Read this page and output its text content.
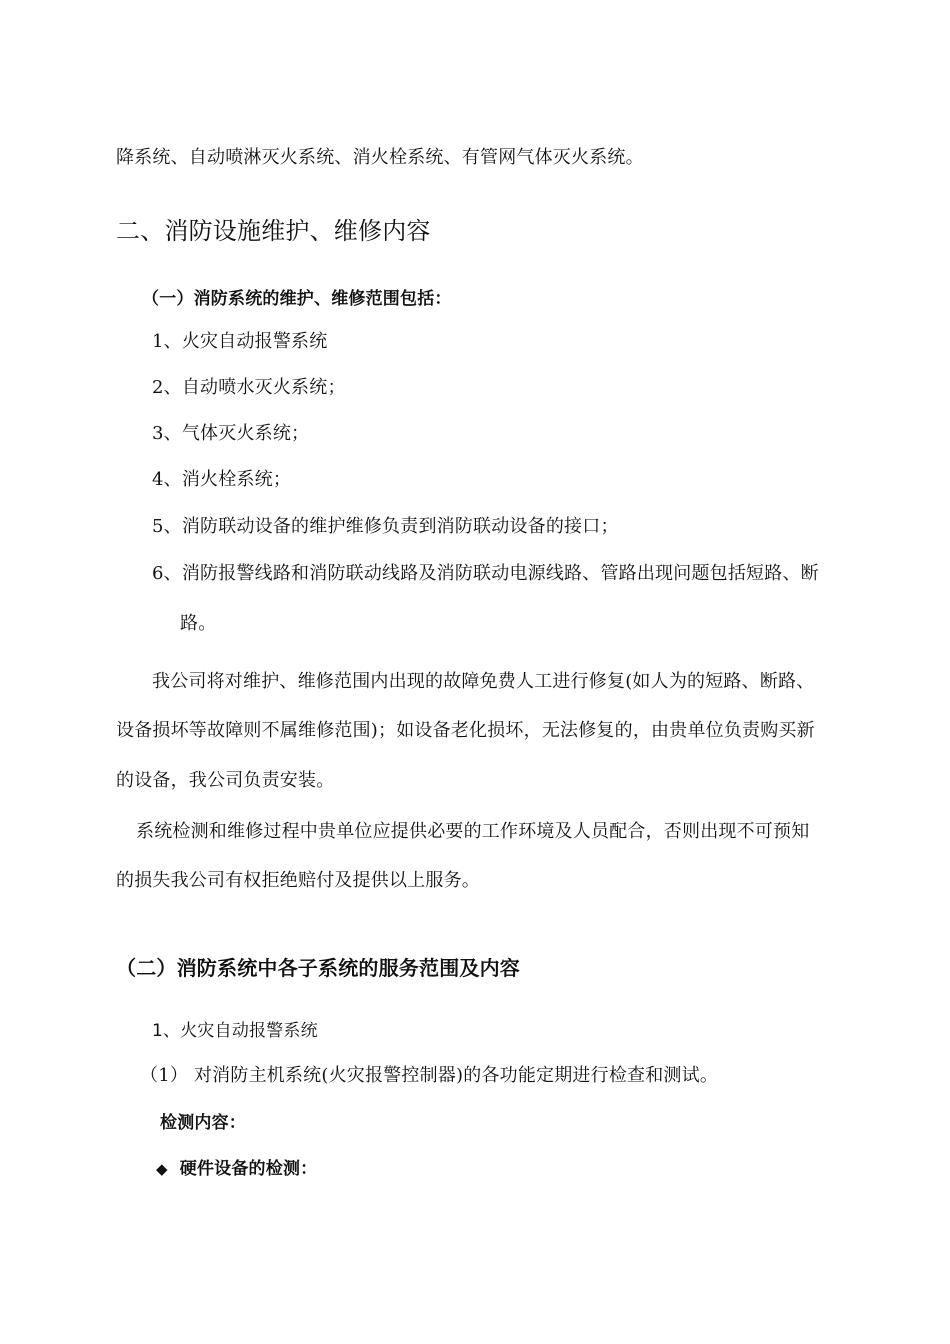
降系统、自动喷淋灭火系统、消火栓系统、有管网气体灭火系统。
二、消防设施维护、维修内容
（一）消防系统的维护、维修范围包括：
1、火灾自动报警系统
2、自动喷水灭火系统；
3、气体灭火系统；
4、消火栓系统；
5、消防联动设备的维护维修负责到消防联动设备的接口；
6、消防报警线路和消防联动线路及消防联动电源线路、管路出现问题包括短路、断
路。
我公司将对维护、维修范围内出现的故障免费人工进行修复(如人为的短路、断路、
设备损坏等故障则不属维修范围)；如设备老化损坏，无法修复的，由贵单位负责购买新
的设备，我公司负责安装。
系统检测和维修过程中贵单位应提供必要的工作环境及人员配合，否则出现不可预知
的损失我公司有权拒绝赔付及提供以上服务。
（二）消防系统中各子系统的服务范围及内容
1、火灾自动报警系统
（1） 对消防主机系统(火灾报警控制器)的各功能定期进行检查和测试。
检测内容：
◆ 硬件设备的检测：
